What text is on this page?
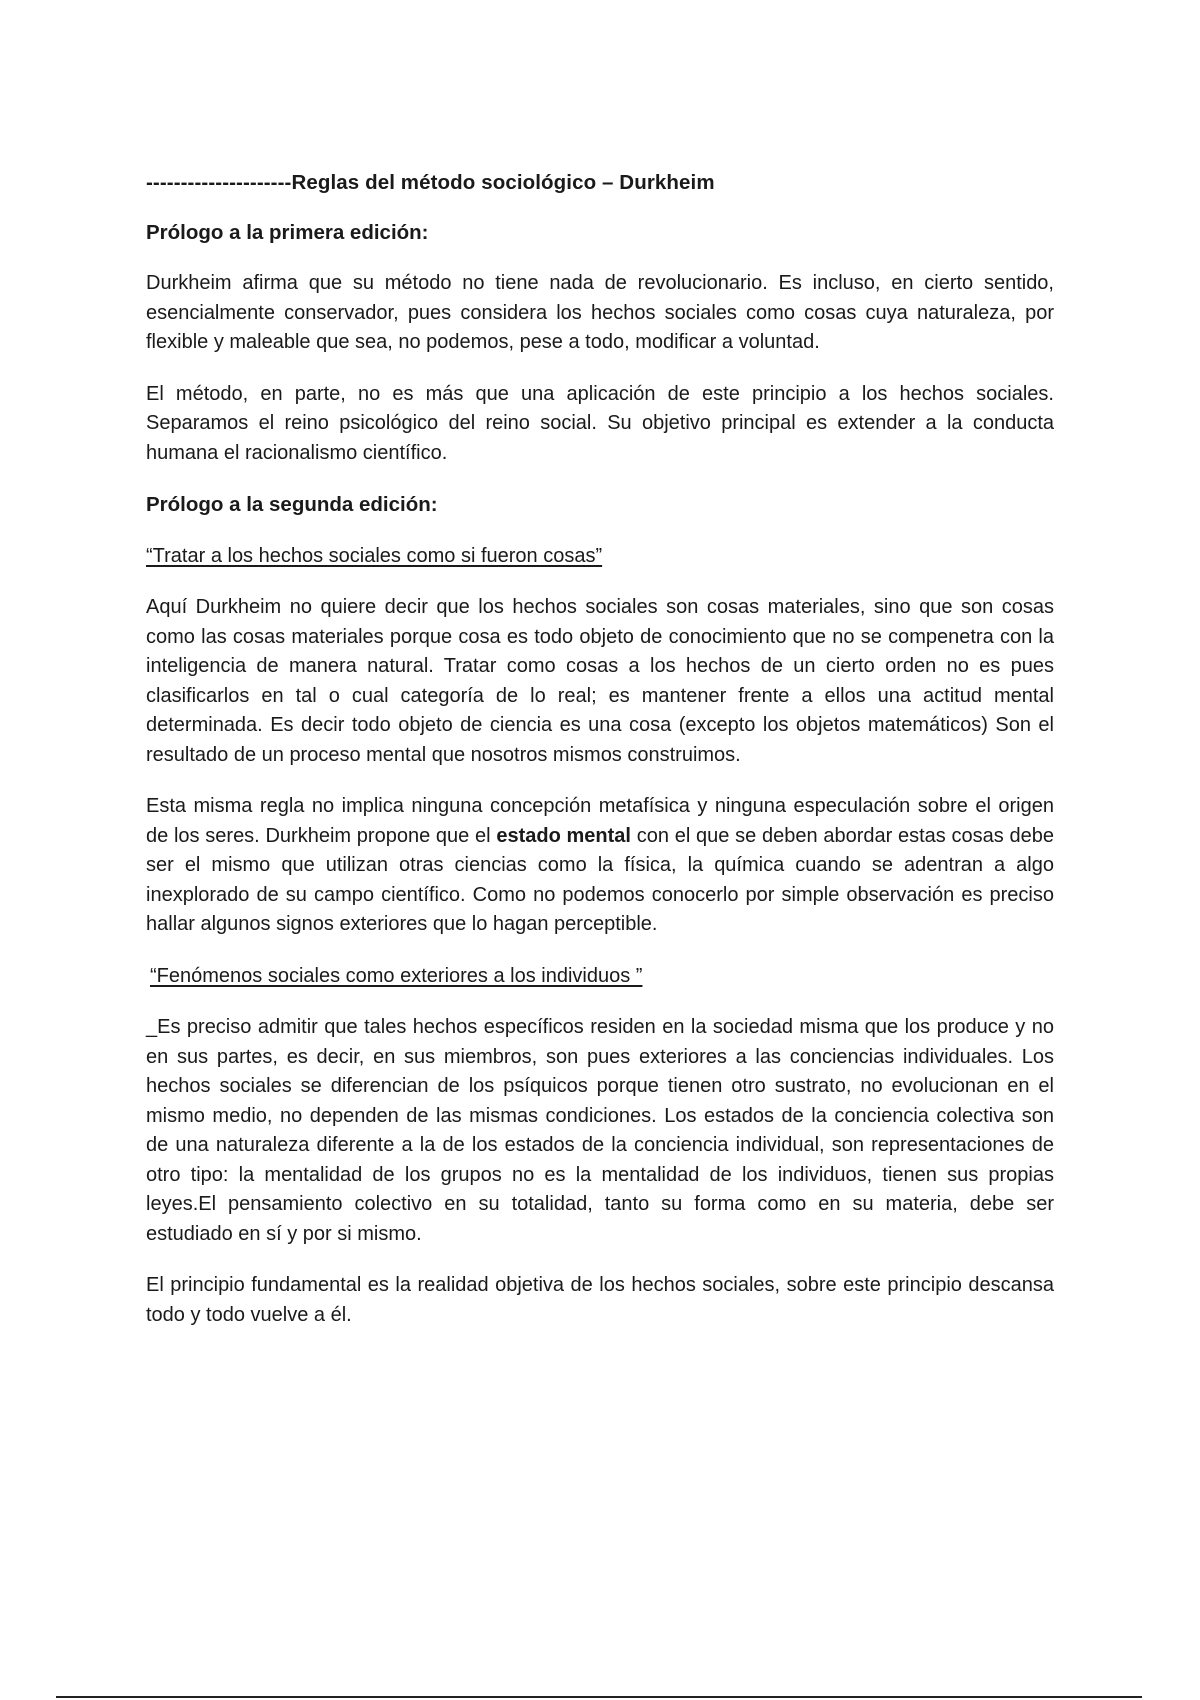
---------------------Reglas del método sociológico – Durkheim

Prólogo a la primera edición:

Durkheim afirma que su método no tiene nada de revolucionario. Es incluso, en cierto sentido, esencialmente conservador, pues considera los hechos sociales como cosas cuya naturaleza, por flexible y maleable que sea, no podemos, pese a todo, modificar a voluntad.

El método, en parte, no es más que una aplicación de este principio a los hechos sociales. Separamos el reino psicológico del reino social. Su objetivo principal es extender a la conducta humana el racionalismo científico.

Prólogo a la segunda edición:

“Tratar a los hechos sociales como si fueron cosas”

Aquí Durkheim no quiere decir que los hechos sociales son cosas materiales, sino que son cosas como las cosas materiales porque cosa es todo objeto de conocimiento que no se compenetra con la inteligencia de manera natural. Tratar como cosas a los hechos de un cierto orden no es pues clasificarlos en tal o cual categoría de lo real; es mantener frente a ellos una actitud mental determinada. Es decir todo objeto de ciencia es una cosa (excepto los objetos matemáticos) Son el resultado de un proceso mental que nosotros mismos construimos.

Esta misma regla no implica ninguna concepción metafísica y ninguna especulación sobre el origen de los seres. Durkheim propone que el estado mental con el que se deben abordar estas cosas debe ser el mismo que utilizan otras ciencias como la física, la química cuando se adentran a algo inexplorado de su campo científico. Como no podemos conocerlo por simple observación es preciso hallar algunos signos exteriores que lo hagan perceptible.

“Fenómenos sociales como exteriores a los individuos ”

_Es preciso admitir que tales hechos específicos residen en la sociedad misma que los produce y no en sus partes, es decir, en sus miembros, son pues exteriores a las conciencias individuales. Los hechos sociales se diferencian de los psíquicos porque tienen otro sustrato, no evolucionan en el mismo medio, no dependen de las mismas condiciones. Los estados de la conciencia colectiva son de una naturaleza diferente a la de los estados de la conciencia individual, son representaciones de otro tipo: la mentalidad de los grupos no es la mentalidad de los individuos, tienen sus propias leyes.El pensamiento colectivo en su totalidad, tanto su forma como en su materia, debe ser estudiado en sí y por si mismo.

El principio fundamental es la realidad objetiva de los hechos sociales, sobre este principio descansa todo y todo vuelve a él.
